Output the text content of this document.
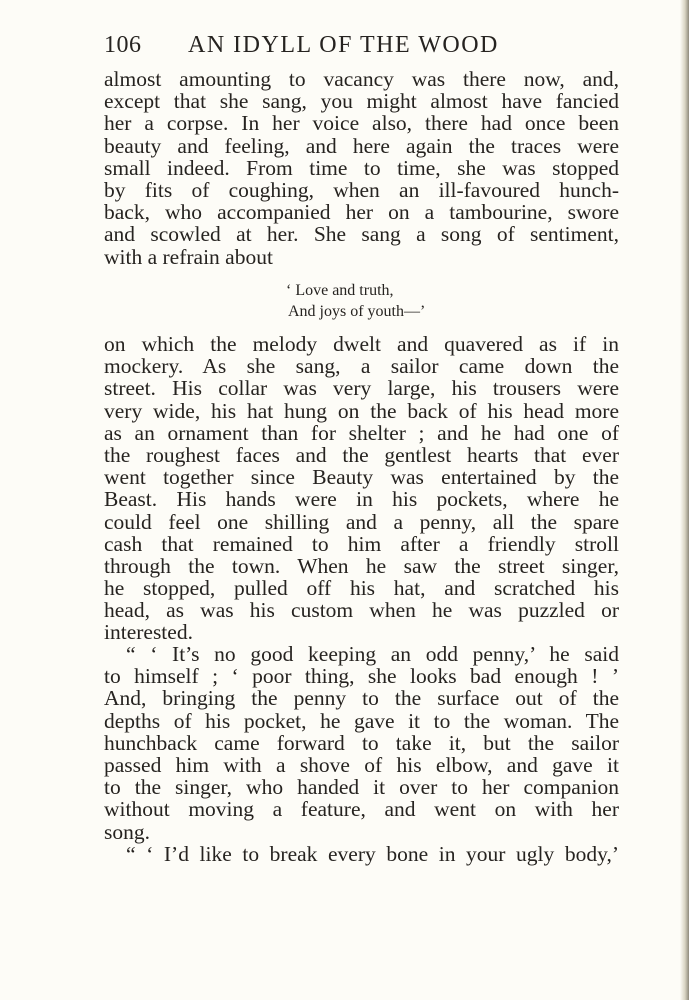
106 AN IDYLL OF THE WOOD
almost amounting to vacancy was there now, and,
except that she sang, you might almost have fancied
her a corpse. In her voice also, there had once been
beauty and feeling, and here again the traces were
small indeed. From time to time, she was stopped
by fits of coughing, when an ill-favoured hunch-
back, who accompanied her on a tambourine, swore
and scowled at her. She sang a song of sentiment,
with a refrain about
‘ Love and truth,
And joys of youth—’
on which the melody dwelt and quavered as if in
mockery. As she sang, a sailor came down the
street. His collar was very large, his trousers were
very wide, his hat hung on the back of his head more
as an ornament than for shelter ; and he had one of
the roughest faces and the gentlest hearts that ever
went together since Beauty was entertained by the
Beast. His hands were in his pockets, where he
could feel one shilling and a penny, all the spare
cash that remained to him after a friendly stroll
through the town. When he saw the street singer,
he stopped, pulled off his hat, and scratched his
head, as was his custom when he was puzzled or
interested.
“ ‘ It’s no good keeping an odd penny,’ he said
to himself ; ‘ poor thing, she looks bad enough ! ’
And, bringing the penny to the surface out of the
depths of his pocket, he gave it to the woman. The
hunchback came forward to take it, but the sailor
passed him with a shove of his elbow, and gave it
to the singer, who handed it over to her companion
without moving a feature, and went on with her
song.
“ ‘ I’d like to break every bone in your ugly body,’
